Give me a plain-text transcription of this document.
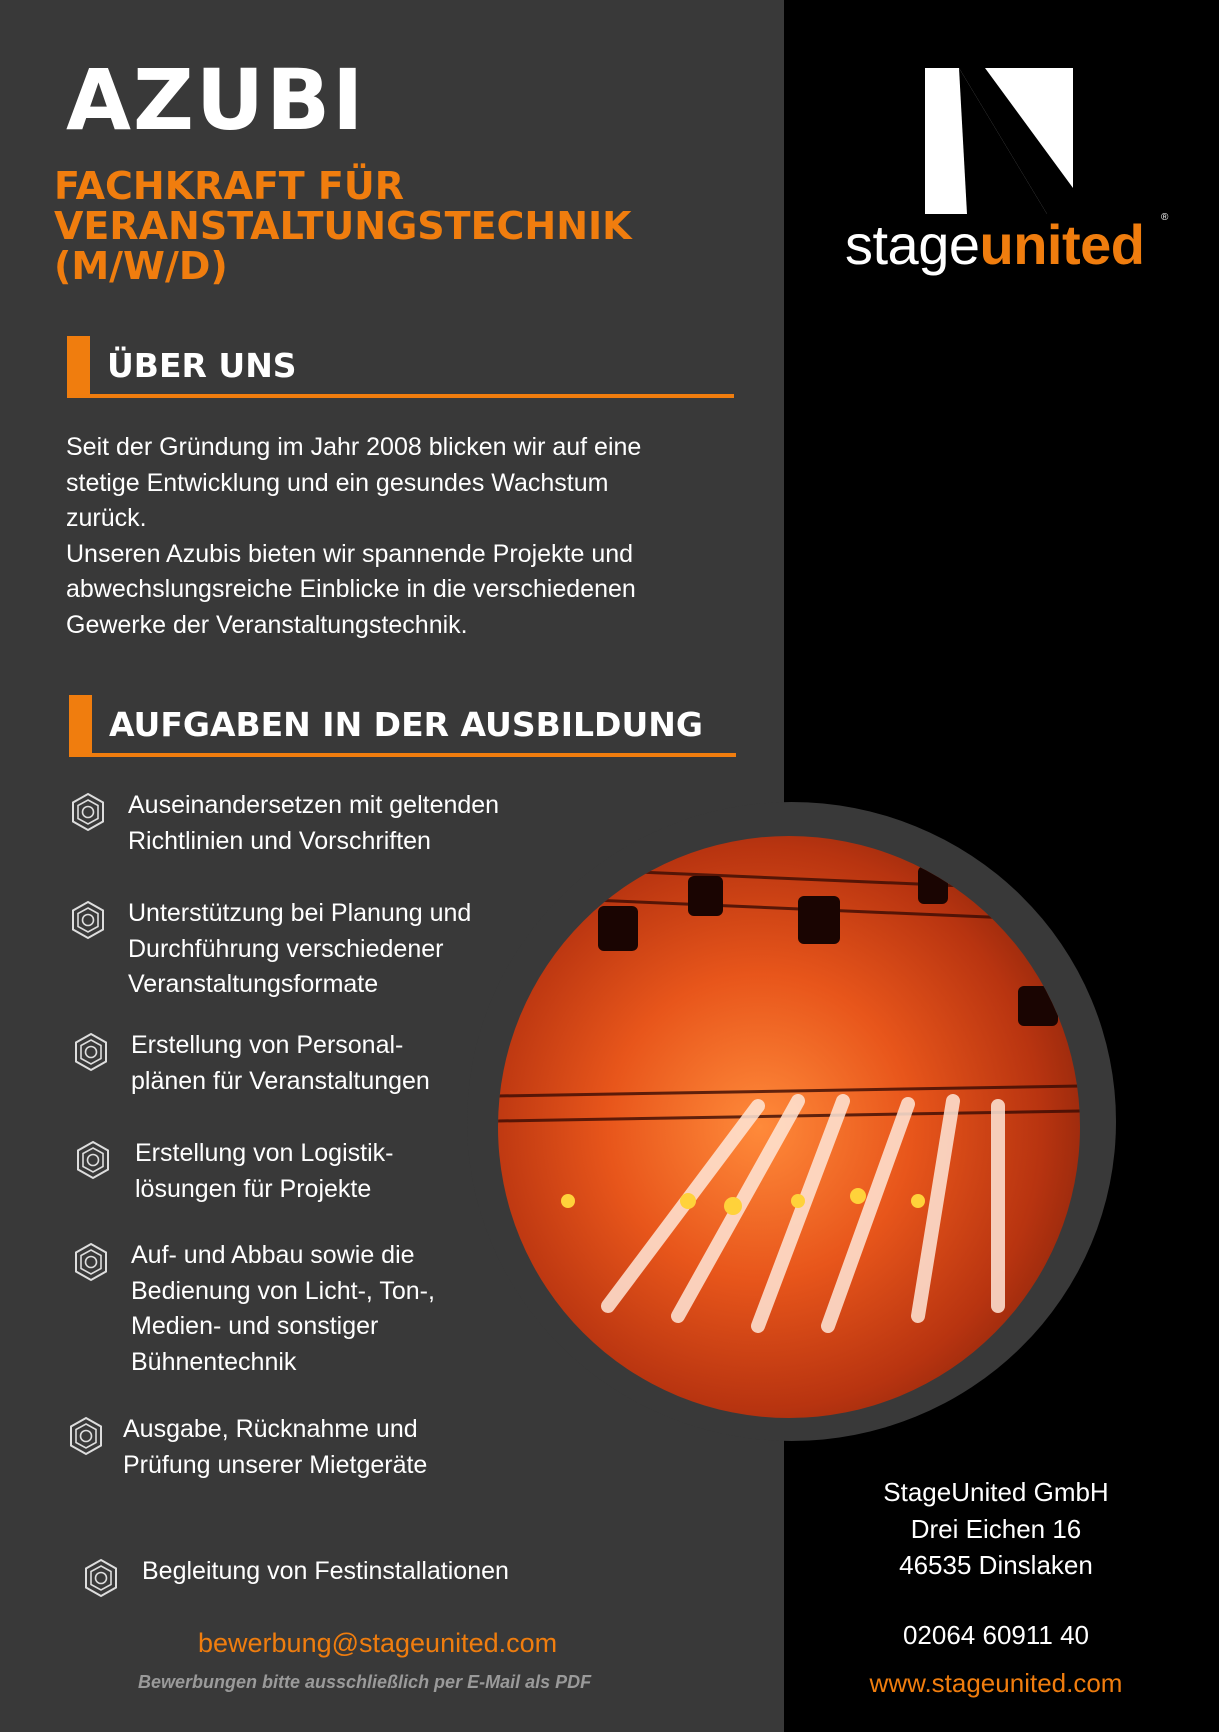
AZUBI
FACHKRAFT FÜR
VERANSTALTUNGSTECHNIK
(M/W/D)
ÜBER UNS

Seit der Gründung im Jahr 2008 blicken wir auf eine
stetige Entwicklung und ein gesundes Wachstum
zurück.
Unseren Azubis bieten wir spannende Projekte und
abwechslungsreiche Einblicke in die verschiedenen
Gewerke der Veranstaltungstechnik.

AUFGABEN IN DER AUSBILDUNG
Auseinandersetzen mit geltenden
Richtlinien und Vorschriften
Unterstützung bei Planung und
Durchführung verschiedener
Veranstaltungsformate
Erstellung von Personal-
plänen für Veranstaltungen
Erstellung von Logistik-
lösungen für Projekte
Auf- und Abbau sowie die
Bedienung von Licht-, Ton-,
Medien- und sonstiger
Bühnentechnik
Ausgabe, Rücknahme und
Prüfung unserer Mietgeräte
Begleitung von Festinstallationen
bewerbung@stageunited.com
Bewerbungen bitte ausschließlich per E-Mail als PDF
stageunited ®
StageUnited GmbH
Drei Eichen 16
46535 Dinslaken
02064 60911 40
www.stageunited.com
